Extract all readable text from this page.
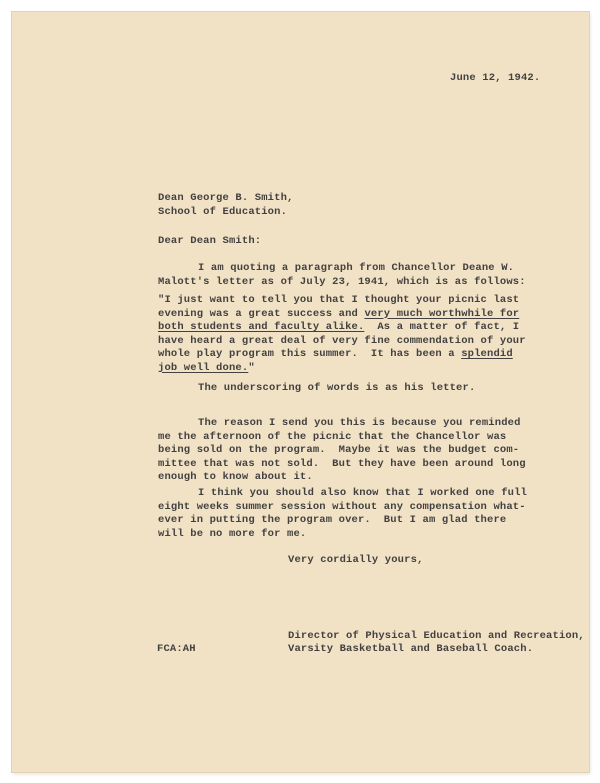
June 12, 1942.
Dean George B. Smith,
School of Education.
Dear Dean Smith:
I am quoting a paragraph from Chancellor Deane W.
Malott's letter as of July 23, 1941, which is as follows:
"I just want to tell you that I thought your picnic last
evening was a great success and very much worthwhile for
both students and faculty alike.  As a matter of fact, I
have heard a great deal of very fine commendation of your
whole play program this summer.  It has been a splendid
job well done."
The underscoring of words is as his letter.
The reason I send you this is because you reminded
me the afternoon of the picnic that the Chancellor was
being sold on the program.  Maybe it was the budget com-
mittee that was not sold.  But they have been around long
enough to know about it.
I think you should also know that I worked one full
eight weeks summer session without any compensation what-
ever in putting the program over.  But I am glad there
will be no more for me.
Very cordially yours,
FCA:AH
Director of Physical Education and Recreation,
Varsity Basketball and Baseball Coach.
